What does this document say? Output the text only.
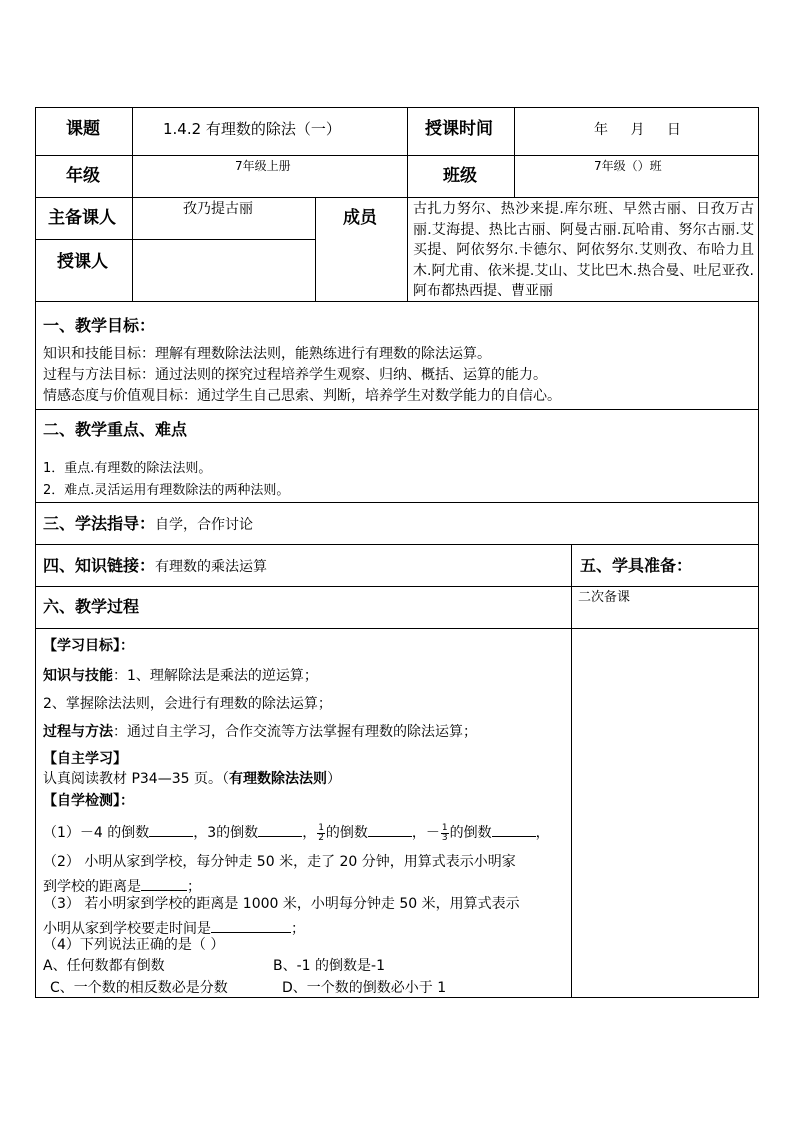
课题	1.4.2 有理数的除法（一）	授课时间	年 月 日
年级	7年级上册	班级	7年级（）班
主备课人	孜乃提古丽	成员	古扎力努尔、热沙来提.库尔班、早然古丽、日孜万古丽.艾海提、热比古丽、阿曼古丽.瓦哈甫、努尔古丽.艾买提、阿依努尔.卡德尔、阿依努尔.艾则孜、布哈力且木.阿尤甫、依米提.艾山、艾比巴木.热合曼、吐尼亚孜.阿布都热西提、曹亚丽
授课人
一、教学目标：
知识和技能目标：理解有理数除法法则，能熟练进行有理数的除法运算。
过程与方法目标：通过法则的探究过程培养学生观察、归纳、概括、运算的能力。
情感态度与价值观目标：通过学生自己思索、判断，培养学生对数学能力的自信心。
二、教学重点、难点
1．重点.有理数的除法法则。
2．难点.灵活运用有理数除法的两种法则。
三、学法指导：自学，合作讨论
四、知识链接：有理数的乘法运算	五、学具准备：
六、教学过程	二次备课
【学习目标】：
知识与技能：1、理解除法是乘法的逆运算；
2、掌握除法法则，会进行有理数的除法运算；
过程与方法：通过自主学习，合作交流等方法掌握有理数的除法运算；
【自主学习】
认真阅读教材 P34—35 页。（有理数除法法则）
【自学检测】：
（1）－4 的倒数	，3的倒数	， $\frac{1}{2}$ 的倒数	，－ $\frac{1}{3}$ 的倒数	，
（2） 小明从家到学校，每分钟走 50 米，走了 20 分钟，用算式表示小明家
到学校的距离是	；
（3） 若小明家到学校的距离是 1000 米，小明每分钟走 50 米，用算式表示
小明从家到学校要走时间是	；
（4）下列说法正确的是（ ）
A、任何数都有倒数	B、-1 的倒数是-1
C、一个数的相反数必是分数	D、一个数的倒数必小于 1
